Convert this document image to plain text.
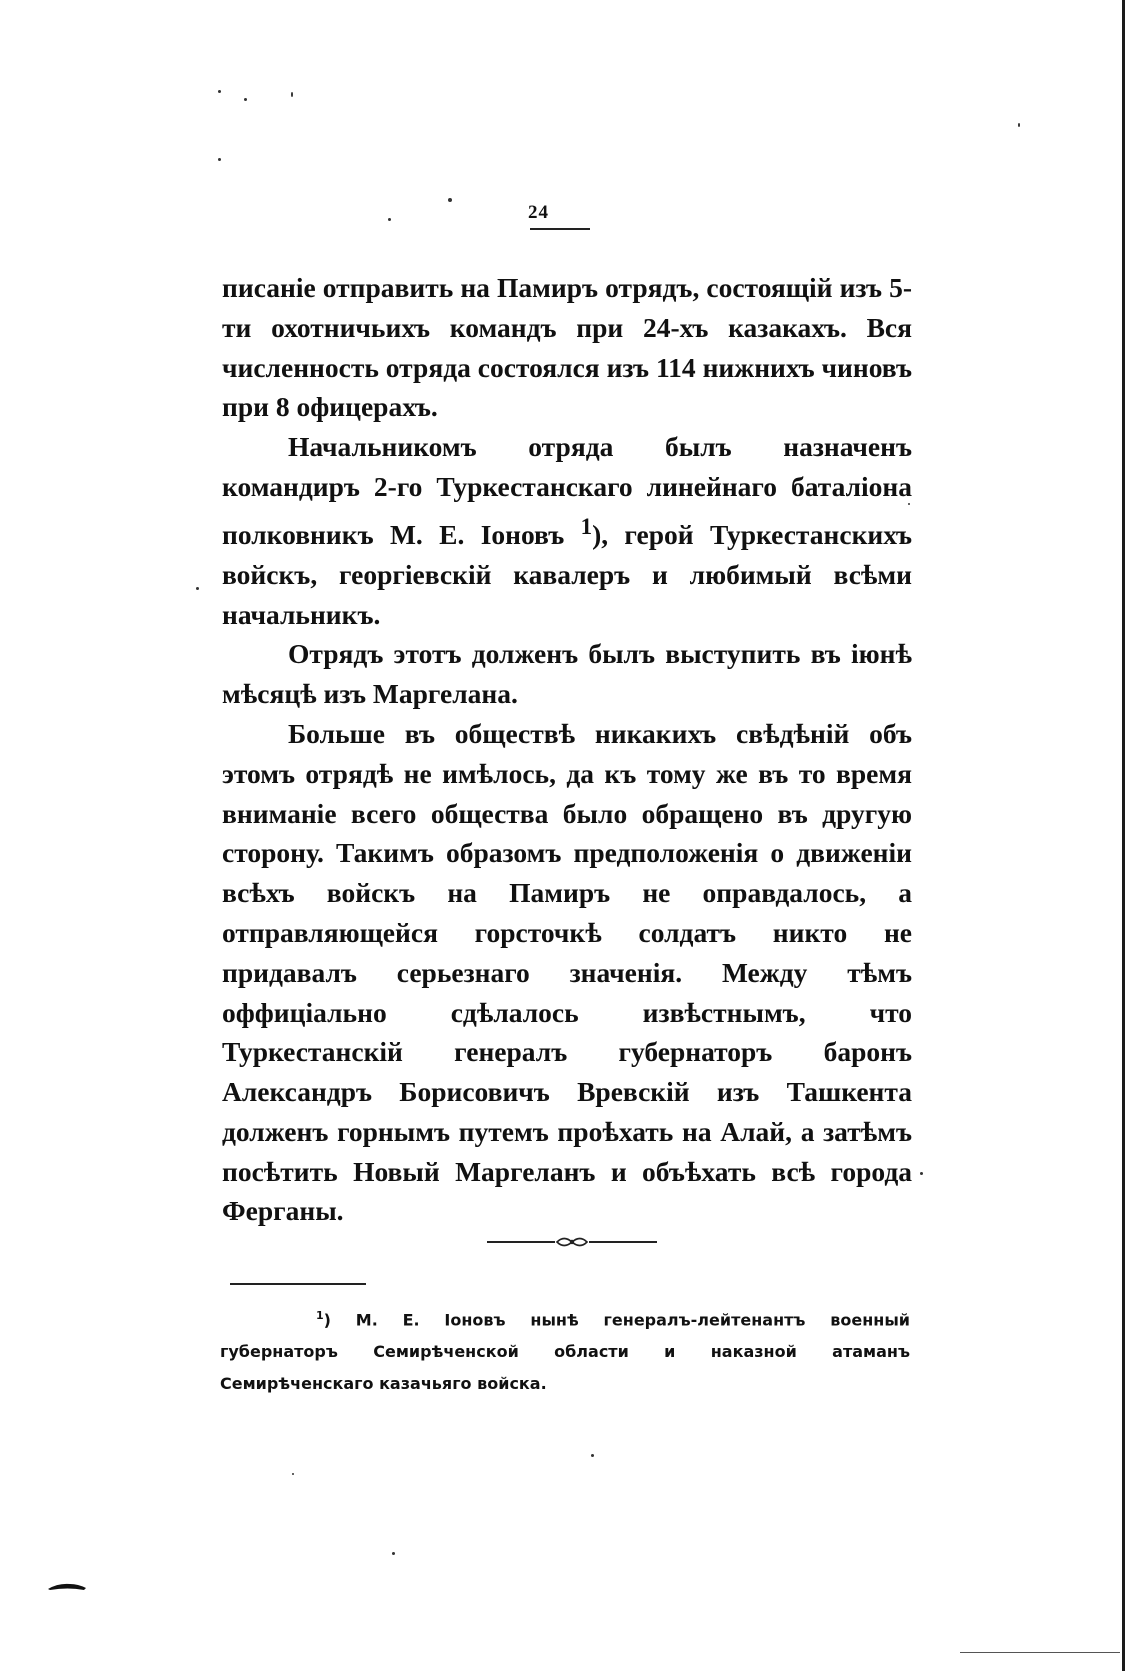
24

писаніе отправить на Памиръ отрядъ, состоящій изъ 5-ти охотничьихъ командъ при 24-хъ казакахъ. Вся численность отряда состоялся изъ 114 нижнихъ чиновъ при 8 офицерахъ.

Начальникомъ отряда былъ назначенъ командиръ 2-го Туркестанскаго линейнаго баталіона полковникъ М. Е. Іоновъ $^1$), герой Туркестанскихъ войскъ, георгіевскій кавалеръ и любимый всѣми начальникъ.

Отрядъ этотъ долженъ былъ выступить въ іюнѣ мѣсяцѣ изъ Маргелана.

Больше въ обществѣ никакихъ свѣдѣній объ этомъ отрядѣ не имѣлось, да къ тому же въ то время вниманіе всего общества было обращено въ другую сторону. Такимъ образомъ предположенія о движеніи всѣхъ войскъ на Памиръ не оправдалось, а отправляющейся горсточкѣ солдатъ никто не придавалъ серьезнаго значенія. Между тѣмъ оффиціально сдѣлалось извѣстнымъ, что Туркестанскій генералъ губернаторъ баронъ Александръ Борисовичъ Вревскій изъ Ташкента долженъ горнымъ путемъ проѣхать на Алай, а затѣмъ посѣтить Новый Маргеланъ и объѣхать всѣ города Ферганы.

$^1$) М. Е. Іоновъ нынѣ генералъ-лейтенантъ военный губернаторъ Семирѣченской области и наказной атаманъ Семирѣченскаго казачьяго войска.
